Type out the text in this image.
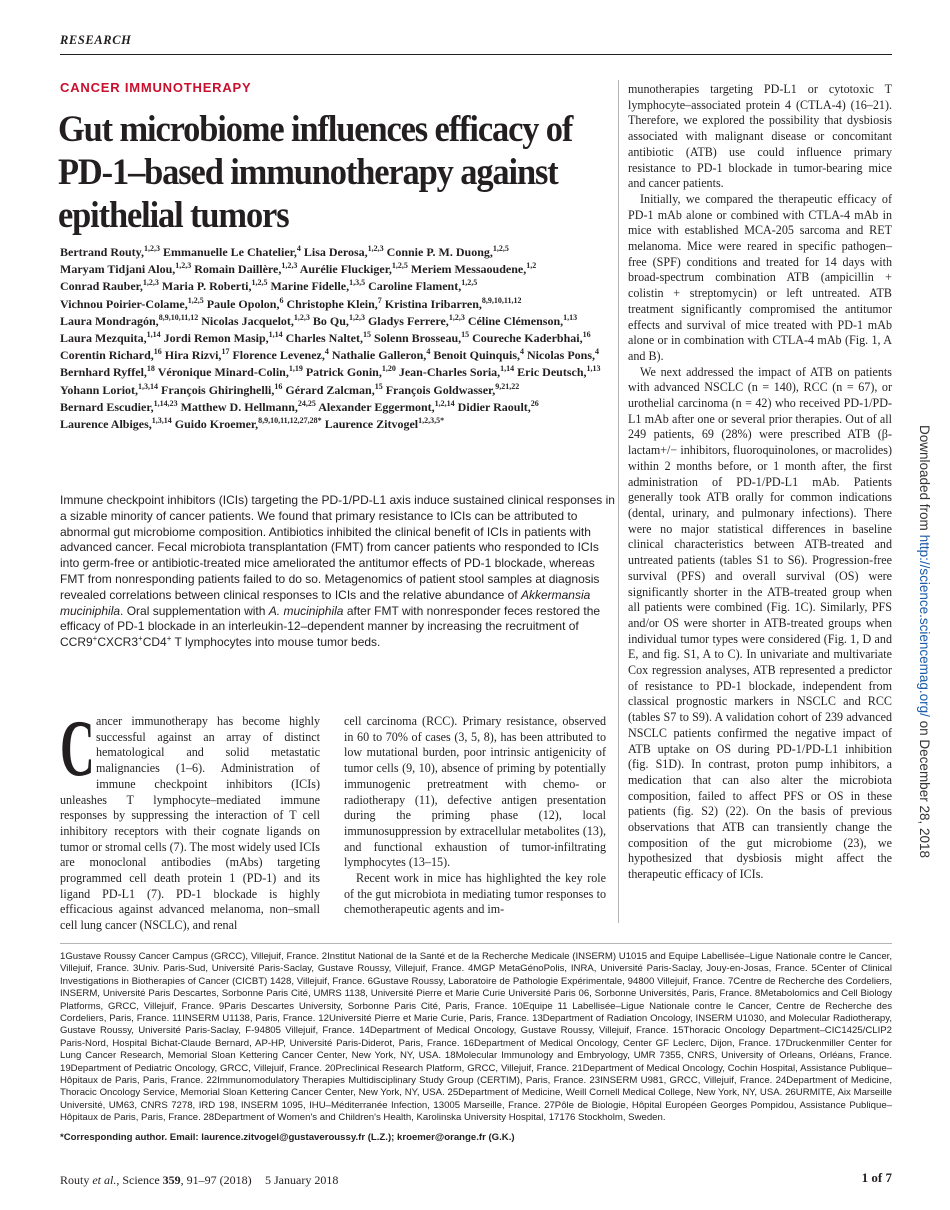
RESEARCH
CANCER IMMUNOTHERAPY
Gut microbiome influences efficacy of PD-1–based immunotherapy against epithelial tumors
Bertrand Routy,$^{1,2,3}$ Emmanuelle Le Chatelier,$^4$ Lisa Derosa,$^{1,2,3}$ Connie P. M. Duong,$^{1,2,5}$ Maryam Tidjani Alou,$^{1,2,3}$ Romain Daillère,$^{1,2,3}$ Aurélie Fluckiger,$^{1,2,5}$ Meriem Messaoudene,$^{1,2}$ Conrad Rauber,$^{1,2,3}$ Maria P. Roberti,$^{1,2,5}$ Marine Fidelle,$^{1,3,5}$ Caroline Flament,$^{1,2,5}$ Vichnou Poirier-Colame,$^{1,2,5}$ Paule Opolon,$^6$ Christophe Klein,$^7$ Kristina Iribarren,$^{8,9,10,11,12}$ Laura Mondragón,$^{8,9,10,11,12}$ Nicolas Jacquelot,$^{1,2,3}$ Bo Qu,$^{1,2,3}$ Gladys Ferrere,$^{1,2,3}$ Céline Clémenson,$^{1,13}$ Laura Mezquita,$^{1,14}$ Jordi Remon Masip,$^{1,14}$ Charles Naltet,$^{15}$ Solenn Brosseau,$^{15}$ Coureche Kaderbhai,$^{16}$ Corentin Richard,$^{16}$ Hira Rizvi,$^{17}$ Florence Levenez,$^4$ Nathalie Galleron,$^4$ Benoit Quinquis,$^4$ Nicolas Pons,$^4$ Bernhard Ryffel,$^{18}$ Véronique Minard-Colin,$^{1,19}$ Patrick Gonin,$^{1,20}$ Jean-Charles Soria,$^{1,14}$ Eric Deutsch,$^{1,13}$ Yohann Loriot,$^{1,3,14}$ François Ghiringhelli,$^{16}$ Gérard Zalcman,$^{15}$ François Goldwasser,$^{9,21,22}$ Bernard Escudier,$^{1,14,23}$ Matthew D. Hellmann,$^{24,25}$ Alexander Eggermont,$^{1,2,14}$ Didier Raoult,$^{26}$ Laurence Albiges,$^{1,3,14}$ Guido Kroemer,$^{8,9,10,11,12,27,28*}$ Laurence Zitvogel$^{1,2,3,5*}$
Immune checkpoint inhibitors (ICIs) targeting the PD-1/PD-L1 axis induce sustained clinical responses in a sizable minority of cancer patients. We found that primary resistance to ICIs can be attributed to abnormal gut microbiome composition. Antibiotics inhibited the clinical benefit of ICIs in patients with advanced cancer. Fecal microbiota transplantation (FMT) from cancer patients who responded to ICIs into germ-free or antibiotic-treated mice ameliorated the antitumor effects of PD-1 blockade, whereas FMT from nonresponding patients failed to do so. Metagenomics of patient stool samples at diagnosis revealed correlations between clinical responses to ICIs and the relative abundance of Akkermansia muciniphila. Oral supplementation with A. muciniphila after FMT with nonresponder feces restored the efficacy of PD-1 blockade in an interleukin-12–dependent manner by increasing the recruitment of CCR9+CXCR3+CD4+ T lymphocytes into mouse tumor beds.
C ancer immunotherapy has become highly successful against an array of distinct hematological and solid metastatic malignancies (1–6). Administration of immune checkpoint inhibitors (ICIs) unleashes T lymphocyte–mediated immune responses by suppressing the interaction of T cell inhibitory receptors with their cognate ligands on tumor or stromal cells (7). The most widely used ICIs are monoclonal antibodies (mAbs) targeting programmed cell death protein 1 (PD-1) and its ligand PD-L1 (7). PD-1 blockade is highly efficacious against advanced melanoma, non–small cell lung cancer (NSCLC), and renal

cell carcinoma (RCC). Primary resistance, observed in 60 to 70% of cases (3, 5, 8), has been attributed to low mutational burden, poor intrinsic antigenicity of tumor cells (9, 10), absence of priming by potentially immunogenic pretreatment with chemo- or radiotherapy (11), defective antigen presentation during the priming phase (12), local immunosuppression by extracellular metabolites (13), and functional exhaustion of tumor-infiltrating lymphocytes (13–15).

Recent work in mice has highlighted the key role of the gut microbiota in mediating tumor responses to chemotherapeutic agents and im-

munotherapies targeting PD-L1 or cytotoxic T lymphocyte–associated protein 4 (CTLA-4) (16–21). Therefore, we explored the possibility that dysbiosis associated with malignant disease or concomitant antibiotic (ATB) use could influence primary resistance to PD-1 blockade in tumor-bearing mice and cancer patients.

Initially, we compared the therapeutic efficacy of PD-1 mAb alone or combined with CTLA-4 mAb in mice with established MCA-205 sarcoma and RET melanoma. Mice were reared in specific pathogen–free (SPF) conditions and treated for 14 days with broad-spectrum combination ATB (ampicillin + colistin + streptomycin) or left untreated. ATB treatment significantly compromised the antitumor effects and survival of mice treated with PD-1 mAb alone or in combination with CTLA-4 mAb (Fig. 1, A and B).

We next addressed the impact of ATB on patients with advanced NSCLC (n = 140), RCC (n = 67), or urothelial carcinoma (n = 42) who received PD-1/PD-L1 mAb after one or several prior therapies. Out of all 249 patients, 69 (28%) were prescribed ATB (β-lactam+/− inhibitors, fluoroquinolones, or macrolides) within 2 months before, or 1 month after, the first administration of PD-1/PD-L1 mAb. Patients generally took ATB orally for common indications (dental, urinary, and pulmonary infections). There were no major statistical differences in baseline clinical characteristics between ATB-treated and untreated patients (tables S1 to S6). Progression-free survival (PFS) and overall survival (OS) were significantly shorter in the ATB-treated group when all patients were combined (Fig. 1C). Similarly, PFS and/or OS were shorter in ATB-treated groups when individual tumor types were considered (Fig. 1, D and E, and fig. S1, A to C). In univariate and multivariate Cox regression analyses, ATB represented a predictor of resistance to PD-1 blockade, independent from classical prognostic markers in NSCLC and RCC (tables S7 to S9). A validation cohort of 239 advanced NSCLC patients confirmed the negative impact of ATB uptake on OS during PD-1/PD-L1 inhibition (fig. S1D). In contrast, proton pump inhibitors, a medication that can also alter the microbiota composition, failed to affect PFS or OS in these patients (fig. S2) (22). On the basis of previous observations that ATB can transiently change the composition of the gut microbiome (23), we hypothesized that dysbiosis might affect the therapeutic efficacy of ICIs.

1Gustave Roussy Cancer Campus (GRCC), Villejuif, France. 2Institut National de la Santé et de la Recherche Medicale (INSERM) U1015 and Equipe Labellisée–Ligue Nationale contre le Cancer, Villejuif, France. 3Univ. Paris-Sud, Université Paris-Saclay, Gustave Roussy, Villejuif, France. 4MGP MetaGénoPolis, INRA, Université Paris-Saclay, Jouy-en-Josas, France. 5Center of Clinical Investigations in Biotherapies of Cancer (CICBT) 1428, Villejuif, France. 6Gustave Roussy, Laboratoire de Pathologie Expérimentale, 94800 Villejuif, France. 7Centre de Recherche des Cordeliers, INSERM, Université Paris Descartes, Sorbonne Paris Cité, UMRS 1138, Université Pierre et Marie Curie Université Paris 06, Sorbonne Universités, Paris, France. 8Metabolomics and Cell Biology Platforms, GRCC, Villejuif, France. 9Paris Descartes University, Sorbonne Paris Cité, Paris, France. 10Equipe 11 Labellisée–Ligue Nationale contre le Cancer, Centre de Recherche des Cordeliers, Paris, France. 11INSERM U1138, Paris, France. 12Université Pierre et Marie Curie, Paris, France. 13Department of Radiation Oncology, INSERM U1030, and Molecular Radiotherapy, Gustave Roussy, Université Paris-Saclay, F-94805 Villejuif, France. 14Department of Medical Oncology, Gustave Roussy, Villejuif, France. 15Thoracic Oncology Department–CIC1425/CLIP2 Paris-Nord, Hospital Bichat-Claude Bernard, AP-HP, Université Paris-Diderot, Paris, France. 16Department of Medical Oncology, Center GF Leclerc, Dijon, France. 17Druckenmiller Center for Lung Cancer Research, Memorial Sloan Kettering Cancer Center, New York, NY, USA. 18Molecular Immunology and Embryology, UMR 7355, CNRS, University of Orleans, Orléans, France. 19Department of Pediatric Oncology, GRCC, Villejuif, France. 20Preclinical Research Platform, GRCC, Villejuif, France. 21Department of Medical Oncology, Cochin Hospital, Assistance Publique–Hôpitaux de Paris, Paris, France. 22Immunomodulatory Therapies Multidisciplinary Study Group (CERTIM), Paris, France. 23INSERM U981, GRCC, Villejuif, France. 24Department of Medicine, Thoracic Oncology Service, Memorial Sloan Kettering Cancer Center, New York, NY, USA. 25Department of Medicine, Weill Cornell Medical College, New York, NY, USA. 26URMITE, Aix Marseille Université, UM63, CNRS 7278, IRD 198, INSERM 1095, IHU–Méditerranée Infection, 13005 Marseille, France. 27Pôle de Biologie, Hôpital Européen Georges Pompidou, Assistance Publique–Hôpitaux de Paris, Paris, France. 28Department of Women's and Children's Health, Karolinska University Hospital, 17176 Stockholm, Sweden.
*Corresponding author. Email: laurence.zitvogel@gustaveroussy.fr (L.Z.); kroemer@orange.fr (G.K.)
Routy et al., Science 359, 91–97 (2018) 5 January 2018	1 of 7
Downloaded from http://science.sciencemag.org/ on December 28, 2018
